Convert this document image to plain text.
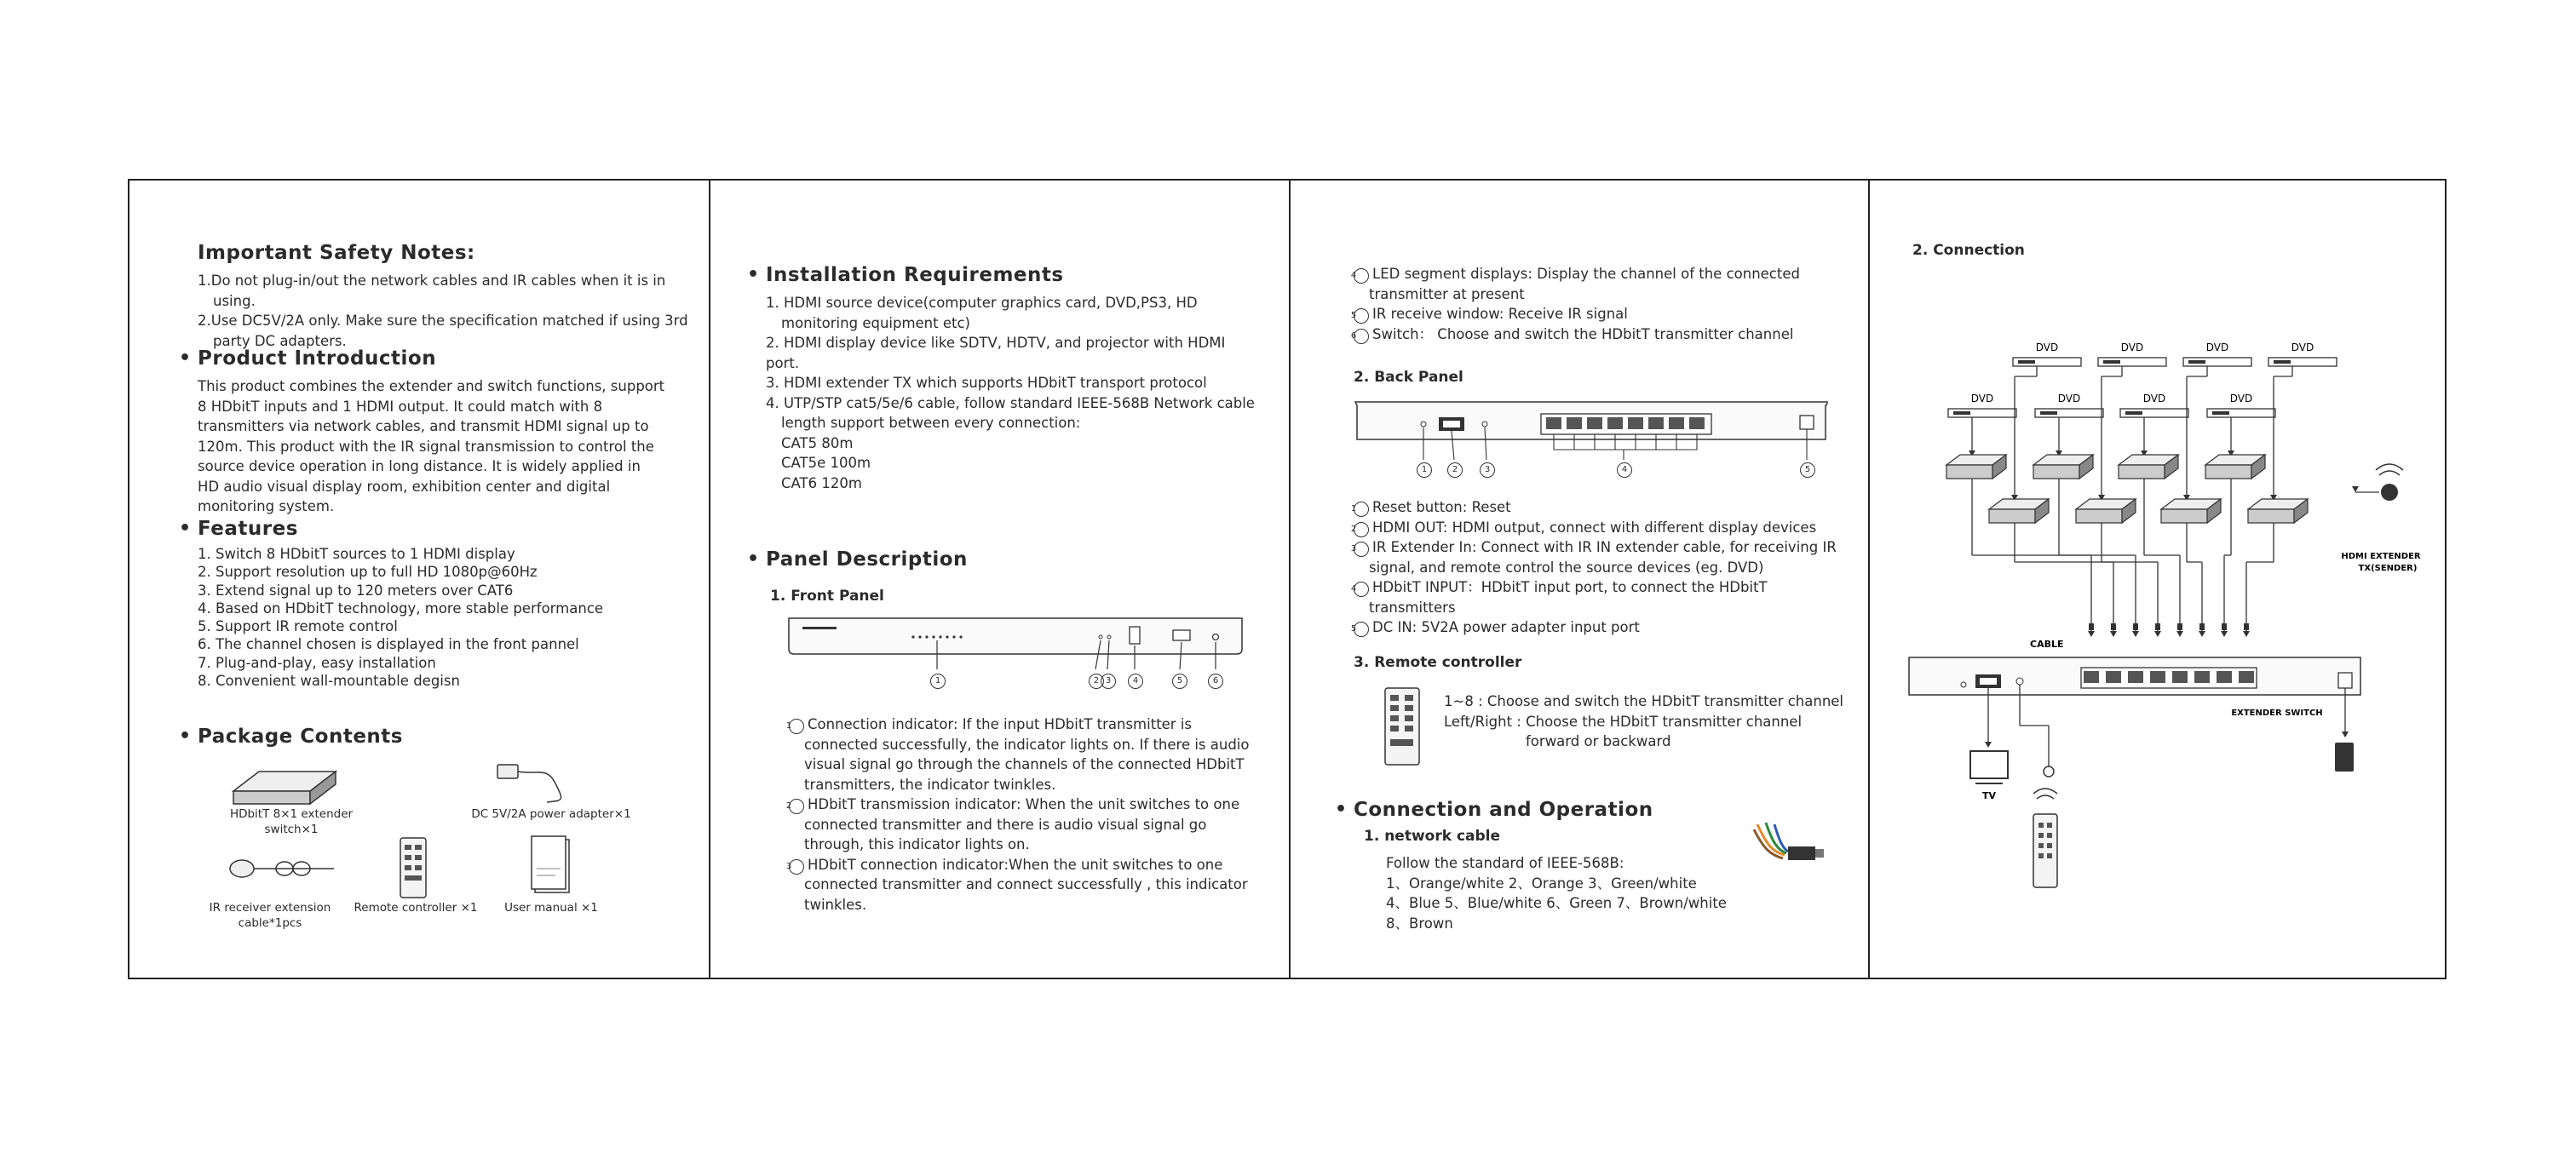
Important Safety Notes:
1.Do not plug-in/out the network cables and IR cables when it is in using.
2.Use DC5V/2A only. Make sure the specification matched if using 3rd party DC adapters.
• Product Introduction
This product combines the extender and switch functions, support 8 HDbitT inputs and 1 HDMI output. It could match with 8 transmitters via network cables, and transmit HDMI signal up to 120m. This product with the IR signal transmission to control the source device operation in long distance. It is widely applied in HD audio visual display room, exhibition center and digital monitoring system.
• Features
1. Switch 8 HDbitT sources to 1 HDMI display
2. Support resolution up to full HD 1080p@60Hz
3. Extend signal up to 120 meters over CAT6
4. Based on HDbitT technology, more stable performance
5. Support IR remote control
6. The channel chosen is displayed in the front pannel
7. Plug-and-play, easy installation
8. Convenient wall-mountable degisn
• Package Contents
HDbitT 8×1 extender switch×1
DC 5V/2A power adapter×1
IR receiver extension cable*1pcs
Remote controller ×1	User manual ×1
• Installation Requirements
1. HDMI source device(computer graphics card, DVD,PS3, HD monitoring equipment etc)
2. HDMI display device like SDTV, HDTV, and projector with HDMI port.
3. HDMI extender TX which supports HDbitT transport protocol
4. UTP/STP cat5/5e/6 cable, follow standard IEEE-568B Network cable length support between every connection:
CAT5 80m
CAT5e 100m
CAT6 120m
• Panel Description
1. Front Panel
1	2 3	4	5	6
1 Connection indicator: If the input HDbitT transmitter is connected successfully, the indicator lights on. If there is audio visual signal go through the channels of the connected HDbitT transmitters, the indicator twinkles.
2 HDbitT transmission indicator: When the unit switches to one connected transmitter and there is audio visual signal go through, this indicator lights on.
3 HDbitT connection indicator:When the unit switches to one connected transmitter and connect successfully , this indicator twinkles.
4 LED segment displays: Display the channel of the connected transmitter at present
5 IR receive window: Receive IR signal
6 Switch： Choose and switch the HDbitT transmitter channel
2. Back Panel
1	2	3	4	5
1 Reset button: Reset
2 HDMI OUT: HDMI output, connect with different display devices
3 IR Extender In: Connect with IR IN extender cable, for receiving IR signal, and remote control the source devices (eg. DVD)
4 HDbitT INPUT：HDbitT input port, to connect the HDbitT transmitters
5 DC IN: 5V2A power adapter input port
3. Remote controller
1~8 : Choose and switch the HDbitT transmitter channel
Left/Right : Choose the HDbitT transmitter channel
forward or backward
• Connection and Operation
1. network cable
Follow the standard of IEEE-568B:
1、Orange/white 2、Orange 3、Green/white
4、Blue 5、Blue/white 6、Green 7、Brown/white
8、Brown
2. Connection
DVD	DVD	DVD	DVD
DVD	DVD	DVD	DVD
CABLE
HDMI EXTENDER TX(SENDER)
EXTENDER SWITCH
TV
